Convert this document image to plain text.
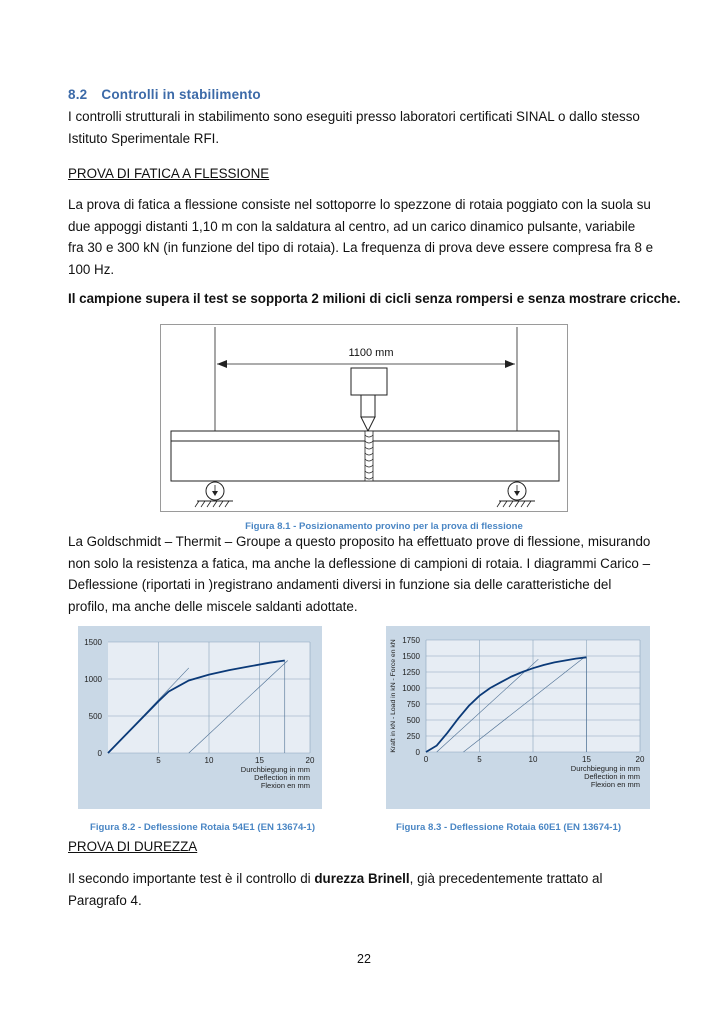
8.2 Controlli in stabilimento
I controlli strutturali in stabilimento sono eseguiti presso laboratori certificati SINAL o dallo stesso
Istituto Sperimentale RFI.
PROVA DI FATICA A FLESSIONE
La prova di fatica a flessione consiste nel sottoporre lo spezzone di rotaia poggiato con la suola su
due appoggi distanti 1,10 m con la saldatura al centro, ad un carico dinamico pulsante, variabile
fra 30 e 300 kN (in funzione del tipo di rotaia). La frequenza di prova deve essere compresa fra 8 e
100 Hz.
Il campione supera il test se sopporta 2 milioni di cicli senza rompersi e senza mostrare cricche.
1100 mm
Figura 8.1 - Posizionamento provino per la prova di flessione
La Goldschmidt – Thermit – Groupe a questo proposito ha effettuato prove di flessione, misurando
non solo la resistenza a fatica, ma anche la deflessione di campioni di rotaia. I diagrammi Carico –
Deflessione (riportati in )registrano andamenti diversi in funzione sia delle caratteristiche del
profilo, ma anche delle miscele saldanti adottate.
5	10	15	20
0
500
1000
1500
Durchbiegung in mm
Deflection in mm
Flexion en mm
Figura 8.2 - Deflessione Rotaia 54E1 (EN 13674-1)
0	5	10	15	20
0
250
500
750
1000
1250
1500
1750
Durchbiegung in mm
Deflection in mm
Flexion en mm
Kraft in kN - Load in kN - Force en kN
Figura 8.3 - Deflessione Rotaia 60E1 (EN 13674-1)
PROVA DI DUREZZA
Il secondo importante test è il controllo di durezza Brinell, già precedentemente trattato al
Paragrafo 4.
22
